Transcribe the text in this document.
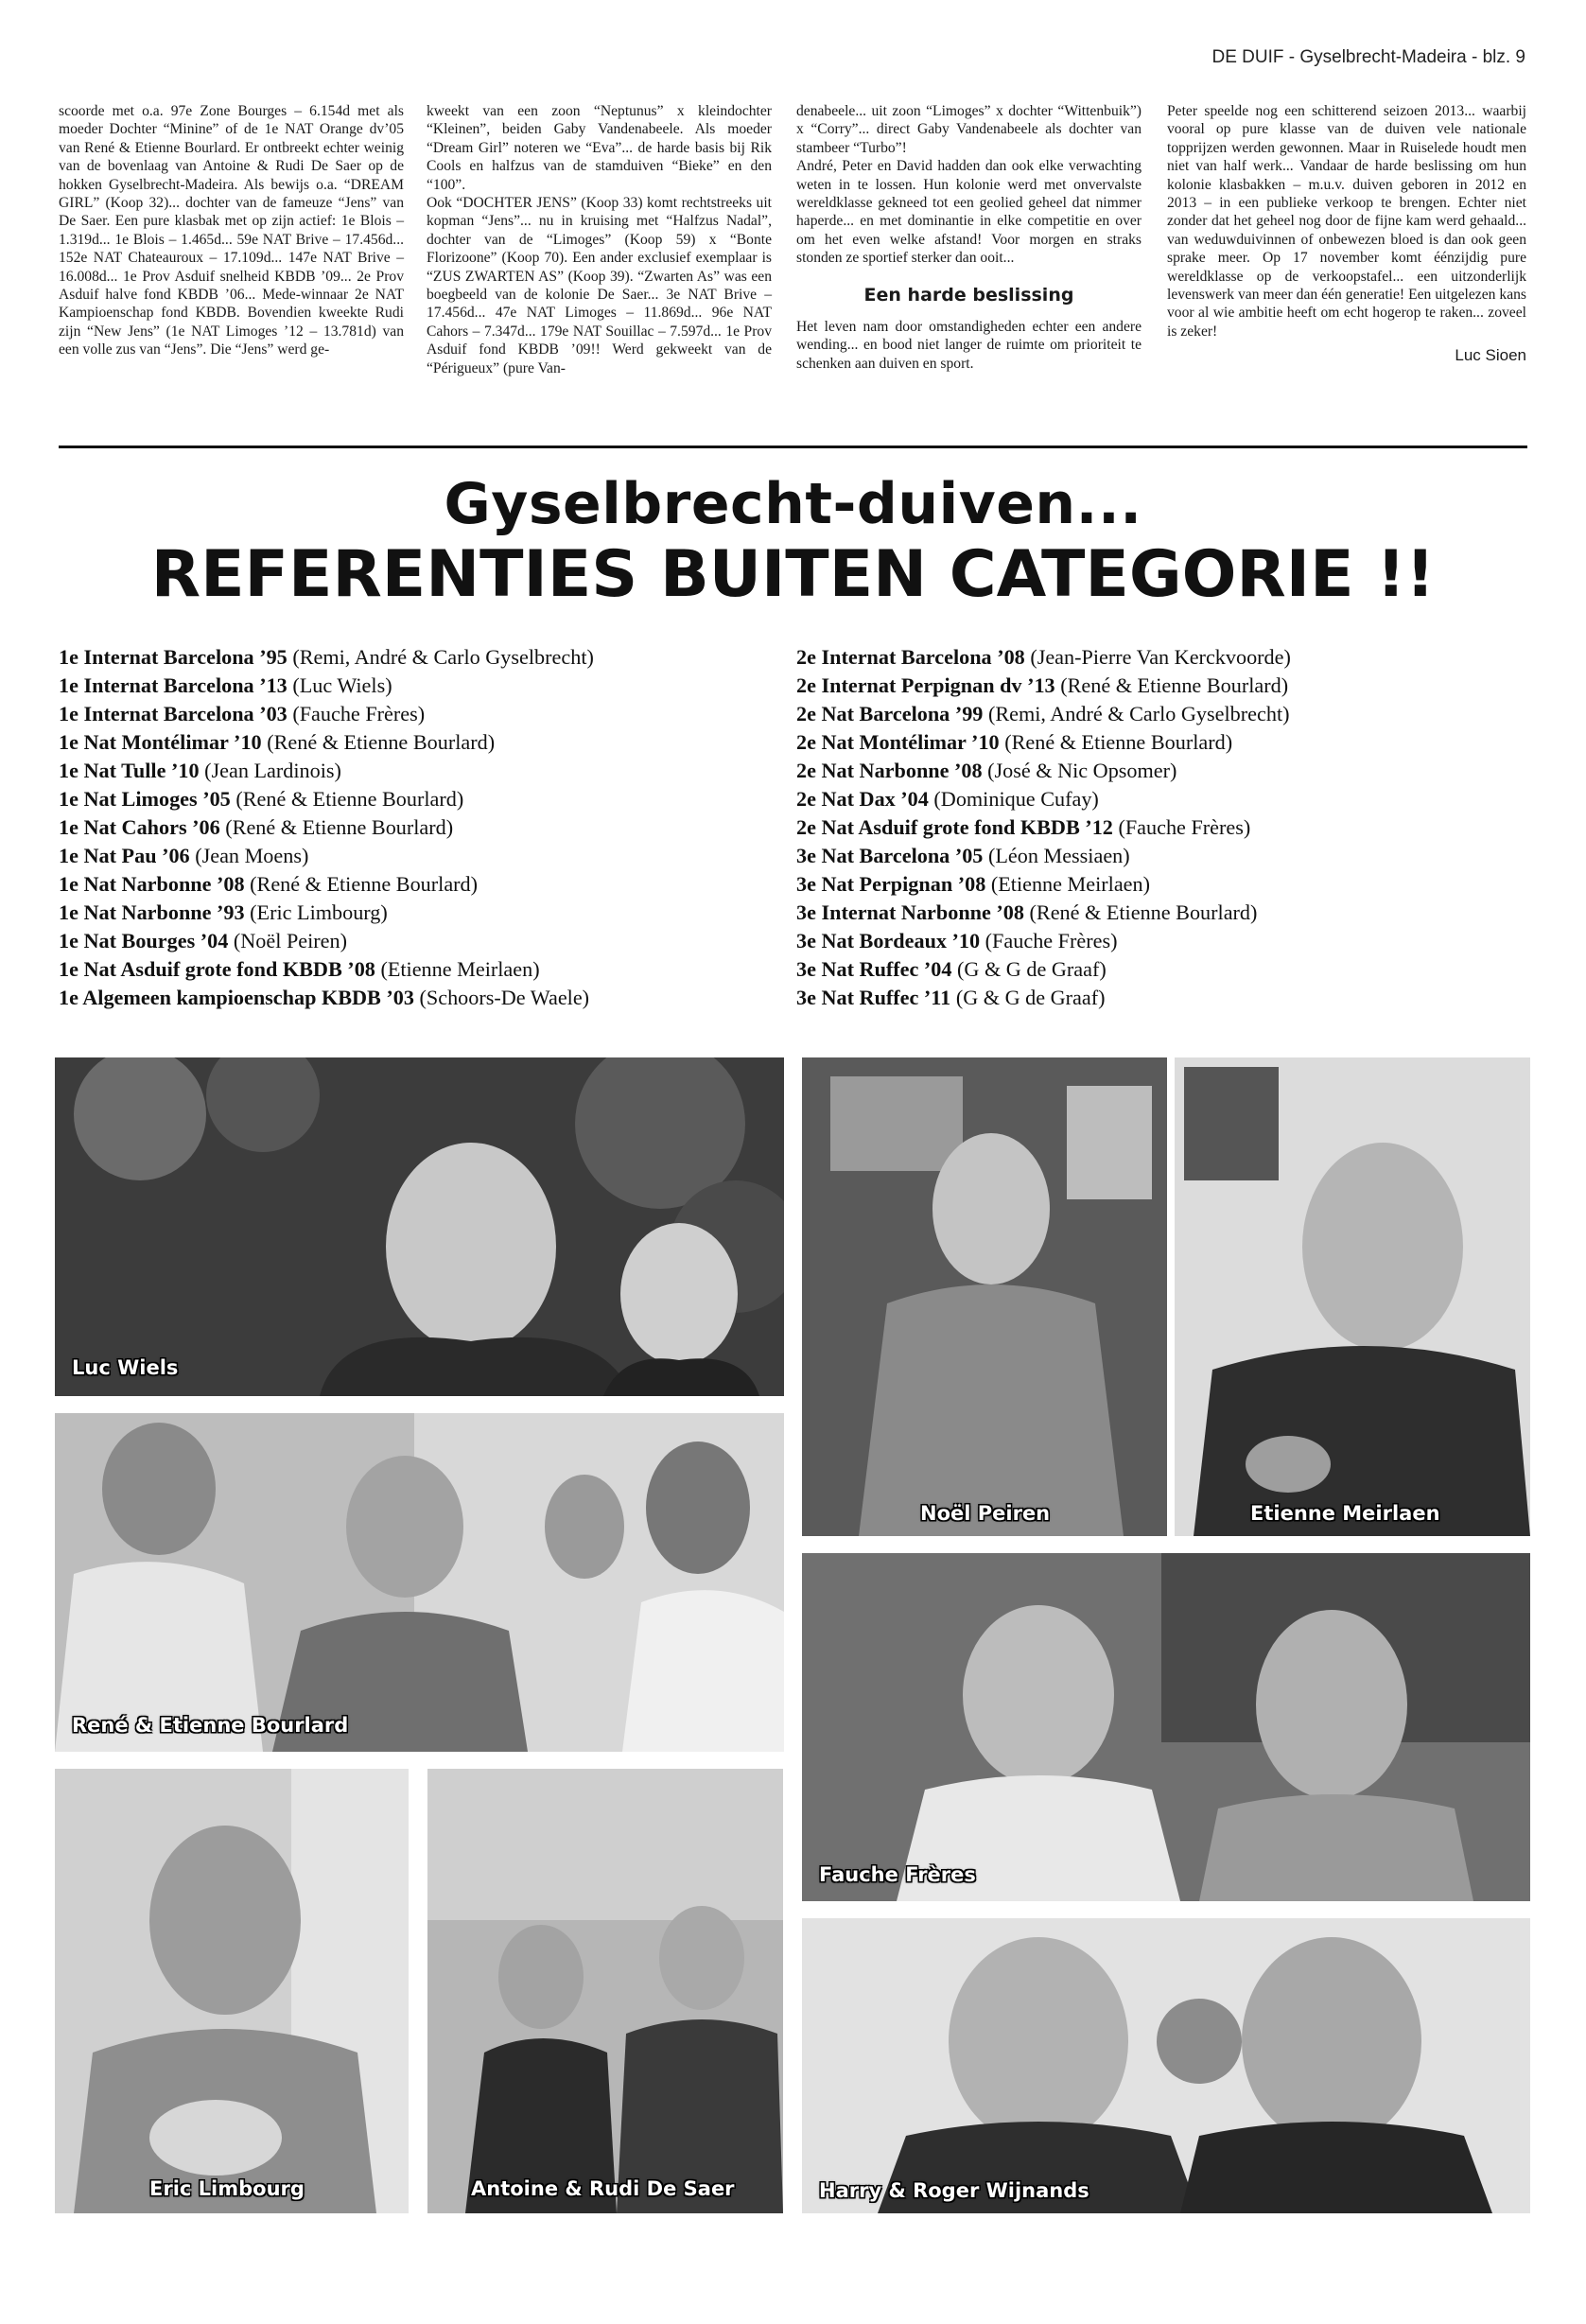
DE DUIF - Gyselbrecht-Madeira - blz. 9

scoorde met o.a. 97e Zone Bourges – 6.154d met als moeder Dochter “Minine” of de 1e NAT Orange dv’05 van René & Etienne Bourlard. Er ontbreekt echter weinig van de bovenlaag van Antoine & Rudi De Saer op de hokken Gyselbrecht-Madeira. Als bewijs o.a. “DREAM GIRL” (Koop 32)... dochter van de fameuze “Jens” van De Saer. Een pure klasbak met op zijn actief: 1e Blois – 1.319d... 1e Blois – 1.465d... 59e NAT Brive – 17.456d... 152e NAT Chateauroux – 17.109d... 147e NAT Brive – 16.008d... 1e Prov Asduif snelheid KBDB ’09... 2e Prov Asduif halve fond KBDB ’06... Mede-winnaar 2e NAT Kampioenschap fond KBDB. Bovendien kweekte Rudi zijn “New Jens” (1e NAT Limoges ’12 – 13.781d) van een volle zus van “Jens”. Die “Jens” werd ge-

kweekt van een zoon “Neptunus” x kleindochter “Kleinen”, beiden Gaby Vandenabeele. Als moeder “Dream Girl” noteren we “Eva”... de harde basis bij Rik Cools en halfzus van de stamduiven “Bieke” en den “100”.

Ook “DOCHTER JENS” (Koop 33) komt rechtstreeks uit kopman “Jens”... nu in kruising met “Halfzus Nadal”, dochter van de “Limoges” (Koop 59) x “Bonte Florizoone” (Koop 70). Een ander exclusief exemplaar is “ZUS ZWARTEN AS” (Koop 39). “Zwarten As” was een boegbeeld van de kolonie De Saer... 3e NAT Brive – 17.456d... 47e NAT Limoges – 11.869d... 96e NAT Cahors – 7.347d... 179e NAT Souillac – 7.597d... 1e Prov Asduif fond KBDB ’09!! Werd gekweekt van de “Périgueux” (pure Van-

denabeele... uit zoon “Limoges” x dochter “Wittenbuik”) x “Corry”... direct Gaby Vandenabeele als dochter van stambeer “Turbo”!

André, Peter en David hadden dan ook elke verwachting weten in te lossen. Hun kolonie werd met onvervalste wereldklasse gekneed tot een geolied geheel dat nimmer haperde... en met dominantie in elke competitie en over om het even welke afstand! Voor morgen en straks stonden ze sportief sterker dan ooit...

Een harde beslissing

Het leven nam door omstandigheden echter een andere wending... en bood niet langer de ruimte om prioriteit te schenken aan duiven en sport.

Peter speelde nog een schitterend seizoen 2013... waarbij vooral op pure klasse van de duiven vele nationale topprijzen werden gewonnen. Maar in Ruiselede houdt men niet van half werk... Vandaar de harde beslissing om hun kolonie klasbakken – m.u.v. duiven geboren in 2012 en 2013 – in een publieke verkoop te brengen. Echter niet zonder dat het geheel nog door de fijne kam werd gehaald... van weduwduivinnen of onbewezen bloed is dan ook geen sprake meer. Op 17 november komt éénzijdig pure wereldklasse op de verkoopstafel... een uitzonderlijk levenswerk van meer dan één generatie! Een uitgelezen kans voor al wie ambitie heeft om echt hogerop te raken... zoveel is zeker!

Luc Sioen

Gyselbrecht-duiven...
REFERENTIES BUITEN CATEGORIE !!
1e Internat Barcelona ’95 (Remi, André & Carlo Gyselbrecht)
1e Internat Barcelona ’13 (Luc Wiels)
1e Internat Barcelona ’03 (Fauche Frères)
1e Nat Montélimar ’10 (René & Etienne Bourlard)
1e Nat Tulle ’10 (Jean Lardinois)
1e Nat Limoges ’05 (René & Etienne Bourlard)
1e Nat Cahors ’06 (René & Etienne Bourlard)
1e Nat Pau ’06 (Jean Moens)
1e Nat Narbonne ’08 (René & Etienne Bourlard)
1e Nat Narbonne ’93 (Eric Limbourg)
1e Nat Bourges ’04 (Noël Peiren)
1e Nat Asduif grote fond KBDB ’08 (Etienne Meirlaen)
1e Algemeen kampioenschap KBDB ’03 (Schoors-De Waele)
2e Internat Barcelona ’08 (Jean-Pierre Van Kerckvoorde)
2e Internat Perpignan dv ’13 (René & Etienne Bourlard)
2e Nat Barcelona ’99 (Remi, André & Carlo Gyselbrecht)
2e Nat Montélimar ’10 (René & Etienne Bourlard)
2e Nat Narbonne ’08 (José & Nic Opsomer)
2e Nat Dax ’04 (Dominique Cufay)
2e Nat Asduif grote fond KBDB ’12 (Fauche Frères)
3e Nat Barcelona ’05 (Léon Messiaen)
3e Nat Perpignan ’08 (Etienne Meirlaen)
3e Internat Narbonne ’08 (René & Etienne Bourlard)
3e Nat Bordeaux ’10 (Fauche Frères)
3e Nat Ruffec ’04 (G & G de Graaf)
3e Nat Ruffec ’11 (G & G de Graaf)
Luc Wiels
Noël Peiren	Etienne Meirlaen
René & Etienne Bourlard
Fauche Frères
Eric Limbourg	Antoine & Rudi De Saer	Harry & Roger Wijnands
